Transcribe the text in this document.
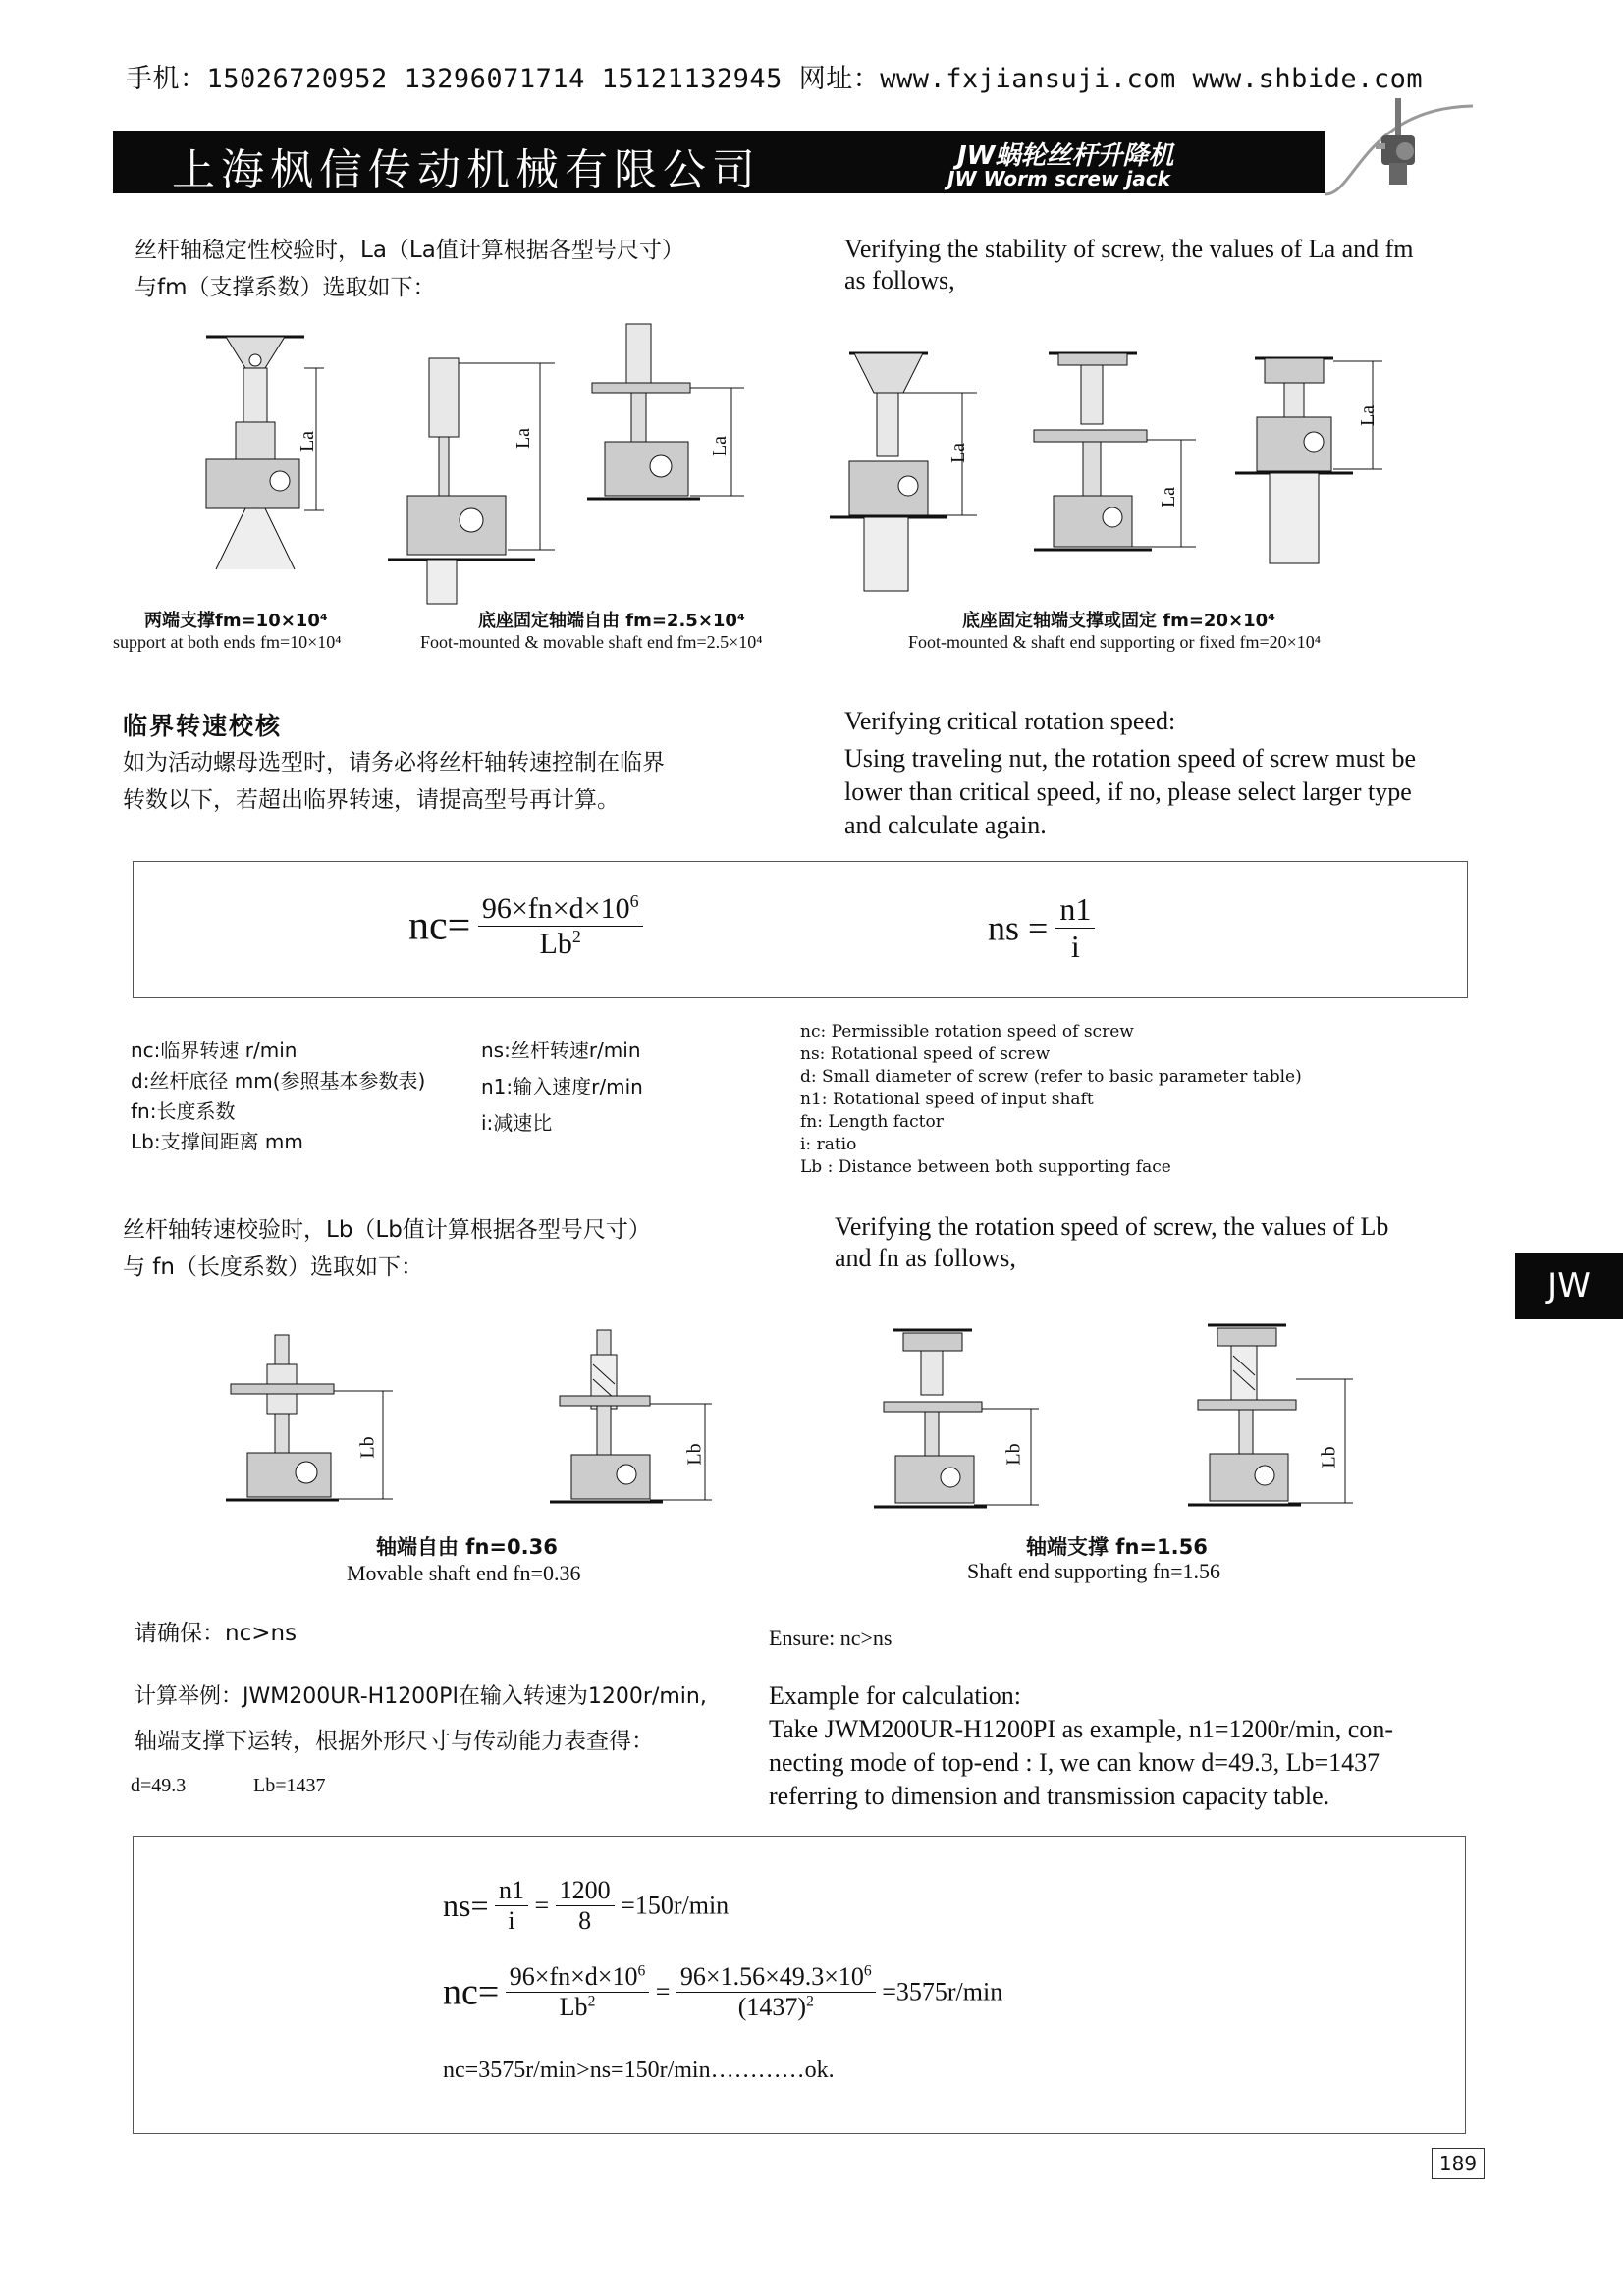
手机：15026720952 13296071714 15121132945 网址：www.fxjiansuji.com www.shbide.com
上海枫信传动机械有限公司	JW蜗轮丝杆升降机
JW Worm screw jack
丝杆轴稳定性校验时，La（La值计算根据各型号尺寸）
与fm（支撑系数）选取如下：
Verifying the stability of screw, the values of La and fm
as follows,
La	La	La	La
La
La
两端支撑fm=10×10⁴
support at both ends fm=10×10⁴
底座固定轴端自由 fm=2.5×10⁴
Foot-mounted & movable shaft end fm=2.5×10⁴
底座固定轴端支撑或固定 fm=20×10⁴
Foot-mounted & shaft end supporting or fixed fm=20×10⁴
临界转速校核
如为活动螺母选型时，请务必将丝杆轴转速控制在临界
转数以下，若超出临界转速，请提高型号再计算。
Verifying critical rotation speed:
Using traveling nut, the rotation speed of screw must be
lower than critical speed, if no, please select larger type
and calculate again.
$nc= \frac{96\times fn\times d\times 10^6}{Lb^2}$	ns = $\frac{n1}{i}$
nc:临界转速 r/min
d:丝杆底径 mm(参照基本参数表)
fn:长度系数
Lb:支撑间距离 mm
ns:丝杆转速r/min
n1:输入速度r/min
i:减速比
nc: Permissible rotation speed of screw
ns: Rotational speed of screw
d: Small diameter of screw (refer to basic parameter table)
n1: Rotational speed of input shaft
fn: Length factor
i: ratio
Lb : Distance between both supporting face
丝杆轴转速校验时，Lb（Lb值计算根据各型号尺寸）
与 fn（长度系数）选取如下：
Verifying the rotation speed of screw, the values of Lb
and fn as follows,
Lb	Lb	Lb	Lb
轴端自由 fn=0.36
Movable shaft end fn=0.36
轴端支撑 fn=1.56
Shaft end supporting fn=1.56
请确保：nc>ns	Ensure: nc>ns
计算举例：JWM200UR-H1200PI在输入转速为1200r/min,
轴端支撑下运转，根据外形尺寸与传动能力表查得：
d=49.3	Lb=1437
Example for calculation:
Take JWM200UR-H1200PI as example, n1=1200r/min, con-
necting mode of top-end : I, we can know d=49.3, Lb=1437
referring to dimension and transmission capacity table.
$ns= \frac{n1}{i} = \frac{1200}{8} =150r/\min$
$nc= \frac{96\times fn\times d\times 10^6}{Lb^2} = \frac{96\times 1.56\times 49.3\times 10^6}{(1437)^2} =3575r/\min$
nc=3575r/min>ns=150r/min…………ok.
JW
189
